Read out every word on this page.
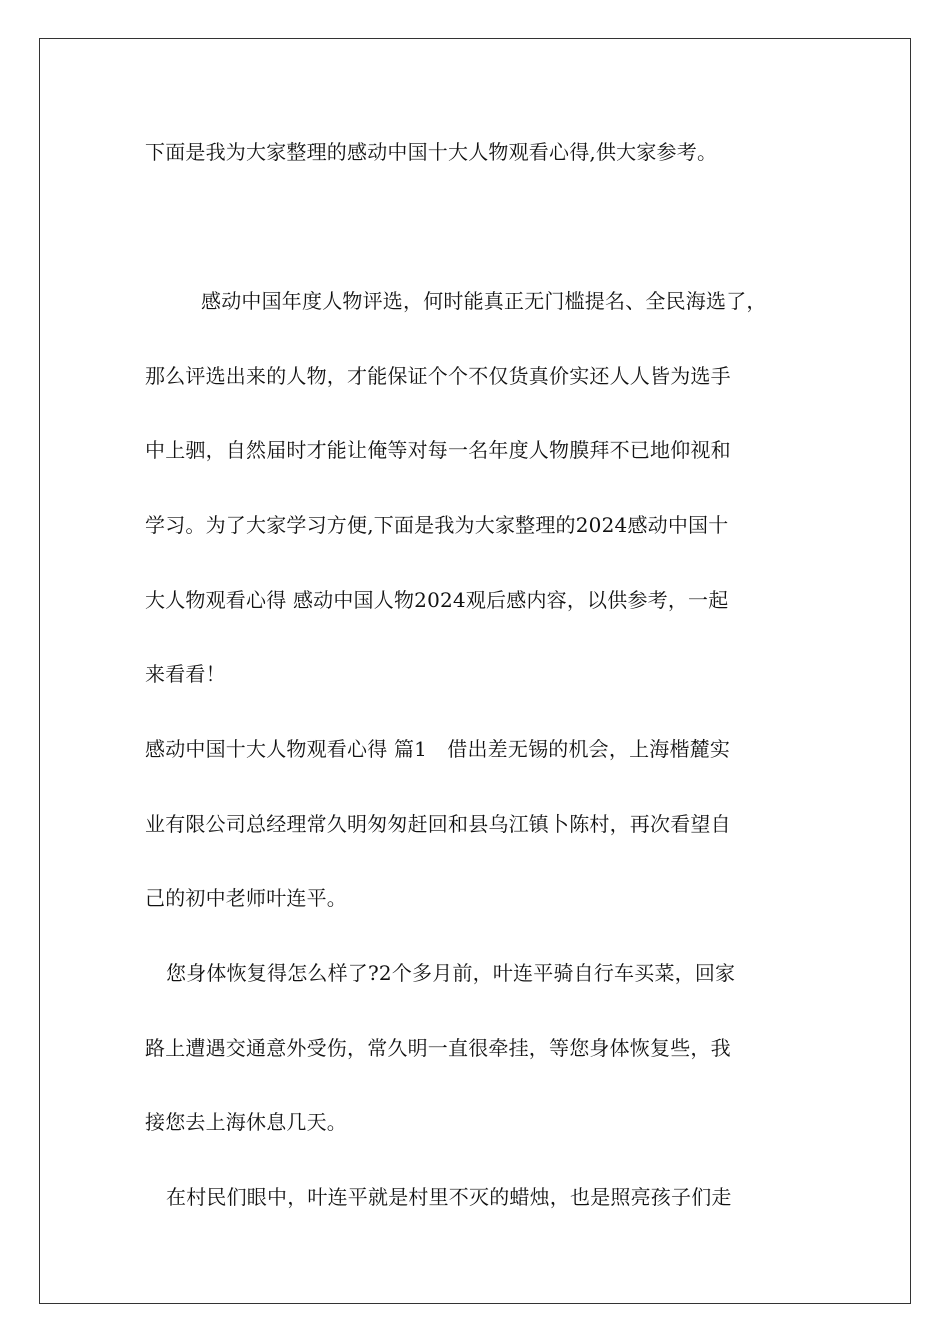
下面是我为大家整理的感动中国十大人物观看心得,供大家参考。
感动中国年度人物评选，何时能真正无门槛提名、全民海选了，
那么评选出来的人物，才能保证个个不仅货真价实还人人皆为选手
中上驷，自然届时才能让俺等对每一名年度人物膜拜不已地仰视和
学习。为了大家学习方便,下面是我为大家整理的2024感动中国十
大人物观看心得 感动中国人物2024观后感内容，以供参考，一起
来看看！
感动中国十大人物观看心得 篇1　借出差无锡的机会，上海楷麓实
业有限公司总经理常久明匆匆赶回和县乌江镇卜陈村，再次看望自
己的初中老师叶连平。
您身体恢复得怎么样了?2个多月前，叶连平骑自行车买菜，回家
路上遭遇交通意外受伤，常久明一直很牵挂，等您身体恢复些，我
接您去上海休息几天。
在村民们眼中，叶连平就是村里不灭的蜡烛，也是照亮孩子们走
